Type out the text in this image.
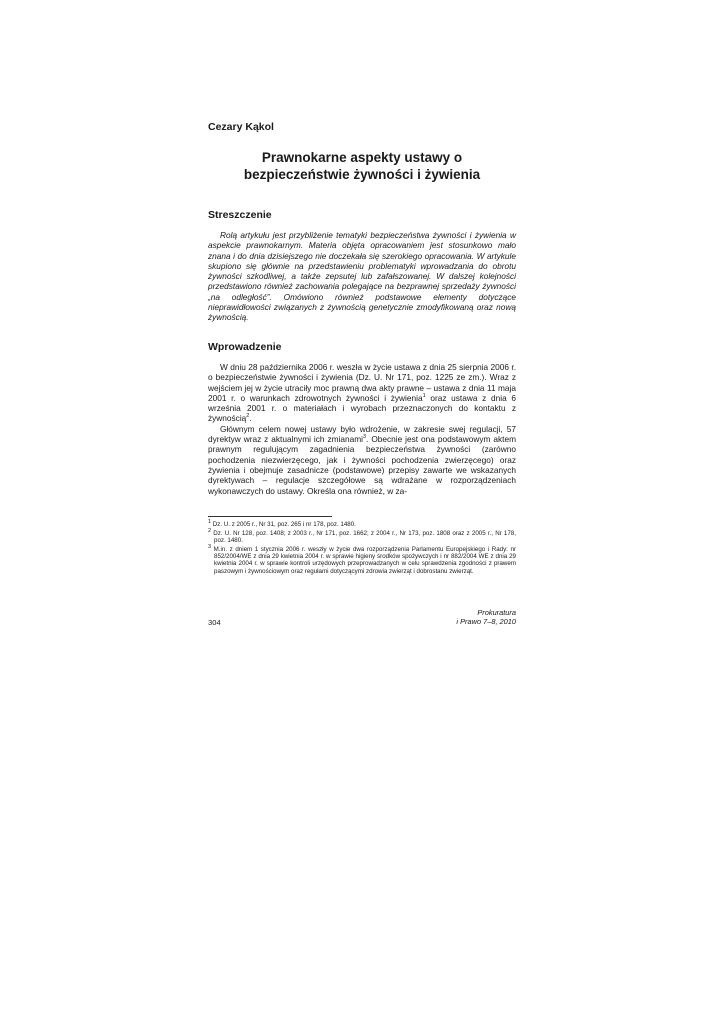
Cezary Kąkol
Prawnokarne aspekty ustawy o bezpieczeństwie żywności i żywienia
Streszczenie

Rolą artykułu jest przybliżenie tematyki bezpieczeństwa żywności i żywienia w aspekcie prawnokarnym. Materia objęta opracowaniem jest stosunkowo mało znana i do dnia dzisiejszego nie doczekała się szerokiego opracowania. W artykule skupiono się głównie na przedstawieniu problematyki wprowadzania do obrotu żywności szkodliwej, a także zepsutej lub zafałszowanej. W dalszej kolejności przedstawiono również zachowania polegające na bezprawnej sprzedaży żywności „na odległość”. Omówiono również podstawowe elementy dotyczące nieprawidłowości związanych z żywnością genetycznie zmodyfikowaną oraz nową żywnością.

Wprowadzenie

W dniu 28 października 2006 r. weszła w życie ustawa z dnia 25 sierpnia 2006 r. o bezpieczeństwie żywności i żywienia (Dz. U. Nr 171, poz. 1225 ze zm.). Wraz z wejściem jej w życie utraciły moc prawną dwa akty prawne – ustawa z dnia 11 maja 2001 r. o warunkach zdrowotnych żywności i żywienia$^1$ oraz ustawa z dnia 6 września 2001 r. o materiałach i wyrobach przeznaczonych do kontaktu z żywnością$^2$.

Głównym celem nowej ustawy było wdrożenie, w zakresie swej regulacji, 57 dyrektyw wraz z aktualnymi ich zmianami$^3$. Obecnie jest ona podstawowym aktem prawnym regulującym zagadnienia bezpieczeństwa żywności (zarówno pochodzenia niezwierzęcego, jak i żywności pochodzenia zwierzęcego) oraz żywienia i obejmuje zasadnicze (podstawowe) przepisy zawarte we wskazanych dyrektywach – regulacje szczegółowe są wdrażane w rozporządzeniach wykonawczych do ustawy. Określa ona również, w za-

$^1$ Dz. U. z 2005 r., Nr 31, poz. 265 i nr 178, poz. 1480.

$^2$ Dz. U. Nr 128, poz. 1408; z 2003 r., Nr 171, poz. 1662; z 2004 r., Nr 173, poz. 1808 oraz z 2005 r., Nr 178, poz. 1480.

$^3$ M.in. z dniem 1 stycznia 2006 r. weszły w życie dwa rozporządzenia Parlamentu Europejskiego i Rady: nr 852/2004/WE z dnia 29 kwietnia 2004 r. w sprawie higieny środków spożywczych i nr 882/2004 WE z dnia 29 kwietnia 2004 r. w sprawie kontroli urzędowych przeprowadzanych w celu sprawdzenia zgodności z prawem paszowym i żywnościowym oraz regułami dotyczącymi zdrowia zwierząt i dobrostanu zwierząt.

304
Prokuratura
i Prawo 7–8, 2010
